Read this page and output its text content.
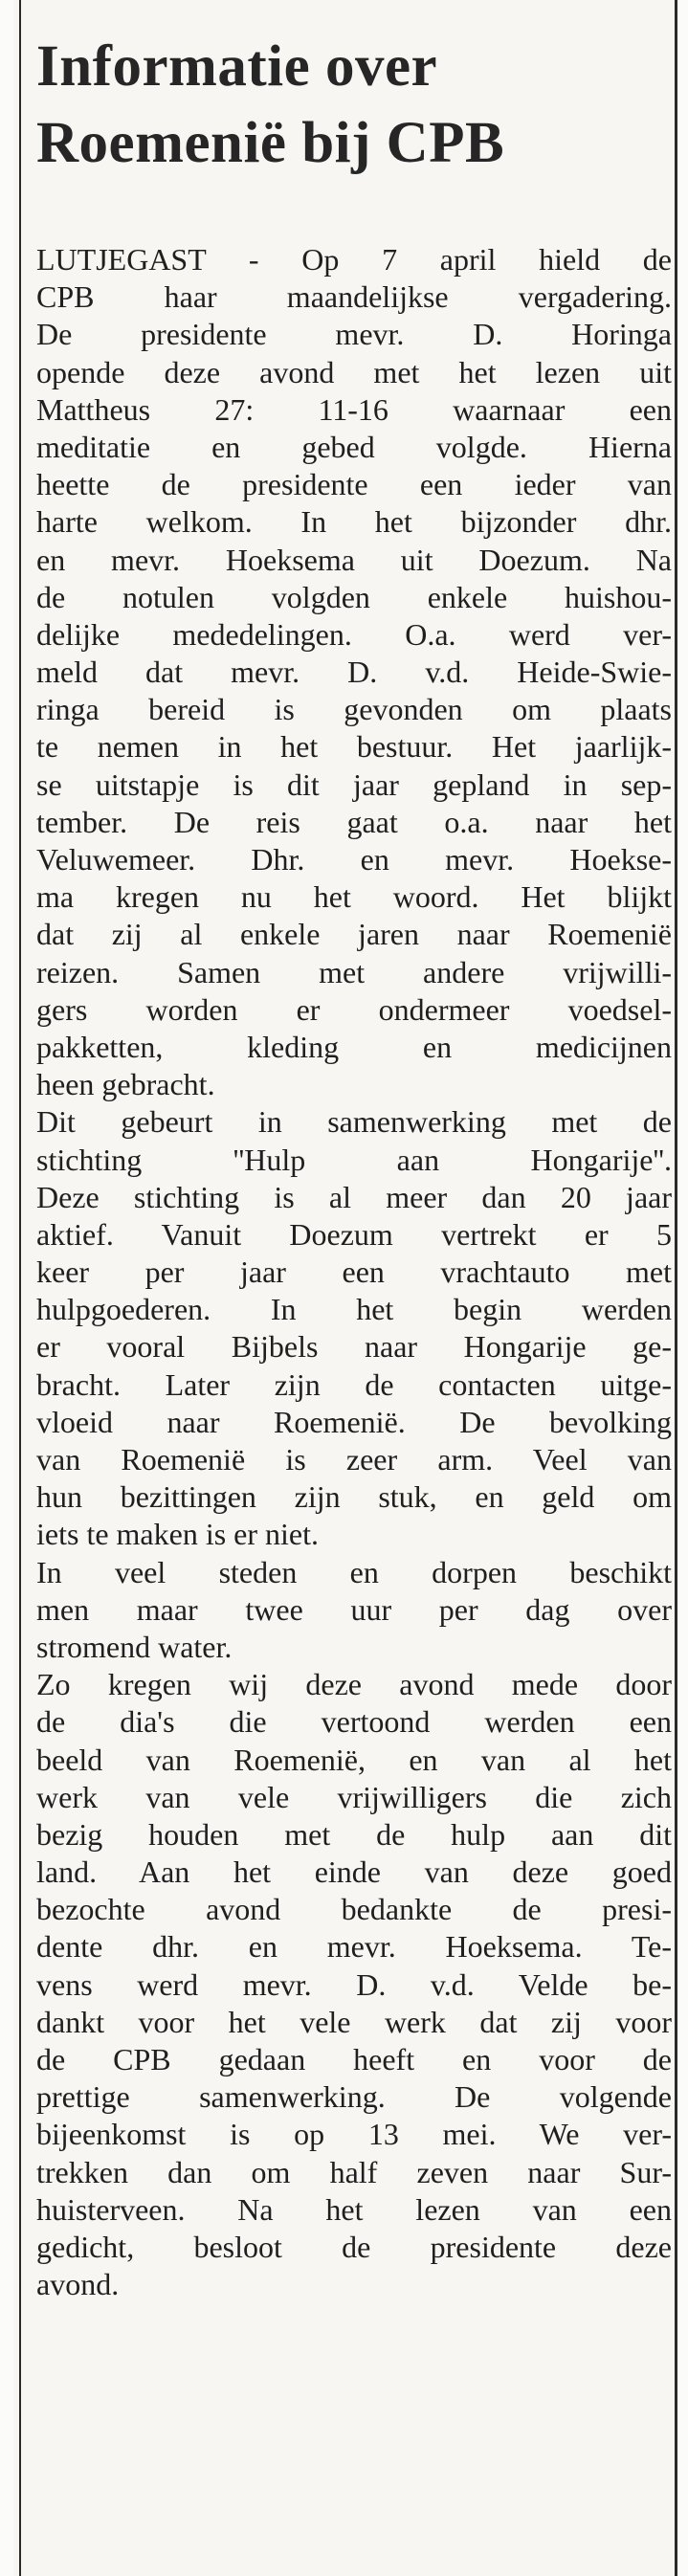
Informatie over
Roemenië bij CPB
LUTJEGAST - Op 7 april hield de
CPB haar maandelijkse vergadering.
De presidente mevr. D. Horinga
opende deze avond met het lezen uit
Mattheus 27: 11-16 waarnaar een
meditatie en gebed volgde. Hierna
heette de presidente een ieder van
harte welkom. In het bijzonder dhr.
en mevr. Hoeksema uit Doezum. Na
de notulen volgden enkele huishou-
delijke mededelingen. O.a. werd ver-
meld dat mevr. D. v.d. Heide-Swie-
ringa bereid is gevonden om plaats
te nemen in het bestuur. Het jaarlijk-
se uitstapje is dit jaar gepland in sep-
tember. De reis gaat o.a. naar het
Veluwemeer. Dhr. en mevr. Hoekse-
ma kregen nu het woord. Het blijkt
dat zij al enkele jaren naar Roemenië
reizen. Samen met andere vrijwilli-
gers worden er ondermeer voedsel-
pakketten, kleding en medicijnen
heen gebracht.
Dit gebeurt in samenwerking met de
stichting ''Hulp aan Hongarije''.
Deze stichting is al meer dan 20 jaar
aktief. Vanuit Doezum vertrekt er 5
keer per jaar een vrachtauto met
hulpgoederen. In het begin werden
er vooral Bijbels naar Hongarije ge-
bracht. Later zijn de contacten uitge-
vloeid naar Roemenië. De bevolking
van Roemenië is zeer arm. Veel van
hun bezittingen zijn stuk, en geld om
iets te maken is er niet.
In veel steden en dorpen beschikt
men maar twee uur per dag over
stromend water.
Zo kregen wij deze avond mede door
de dia's die vertoond werden een
beeld van Roemenië, en van al het
werk van vele vrijwilligers die zich
bezig houden met de hulp aan dit
land. Aan het einde van deze goed
bezochte avond bedankte de presi-
dente dhr. en mevr. Hoeksema. Te-
vens werd mevr. D. v.d. Velde be-
dankt voor het vele werk dat zij voor
de CPB gedaan heeft en voor de
prettige samenwerking. De volgende
bijeenkomst is op 13 mei. We ver-
trekken dan om half zeven naar Sur-
huisterveen. Na het lezen van een
gedicht, besloot de presidente deze
avond.
